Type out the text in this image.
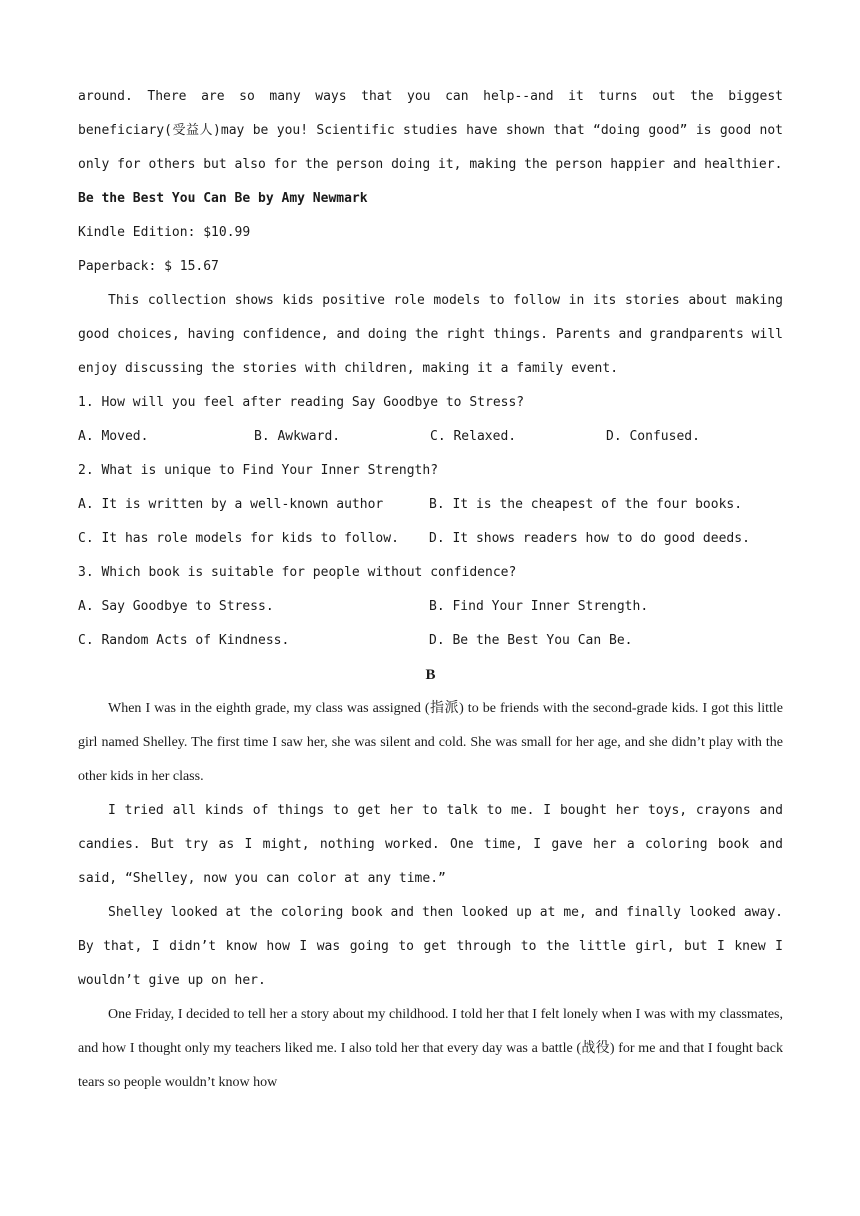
around. There are so many ways that you can help--and it turns out the biggest beneficiary(受益人)may be you! Scientific studies have shown that “doing good” is good not only for others but also for the person doing it, making the person happier and healthier.

Be the Best You Can Be by Amy Newmark
Kindle Edition: $10.99
Paperback: $ 15.67

This collection shows kids positive role models to follow in its stories about making good choices, having confidence, and doing the right things. Parents and grandparents will enjoy discussing the stories with children, making it a family event.

1. How will you feel after reading Say Goodbye to Stress?
A. Moved.	B. Awkward.	C. Relaxed.	D. Confused.
2. What is unique to Find Your Inner Strength?
A. It is written by a well-known author	B. It is the cheapest of the four books.
C. It has role models for kids to follow.	D. It shows readers how to do good deeds.
3. Which book is suitable for people without confidence?
A. Say Goodbye to Stress.	B. Find Your Inner Strength.
C. Random Acts of Kindness.	D. Be the Best You Can Be.
B

When I was in the eighth grade, my class was assigned (指派) to be friends with the second-grade kids. I got this little girl named Shelley. The first time I saw her, she was silent and cold. She was small for her age, and she didn’t play with the other kids in her class.

I tried all kinds of things to get her to talk to me. I bought her toys, crayons and candies. But try as I might, nothing worked. One time, I gave her a coloring book and said, “Shelley, now you can color at any time.”

Shelley looked at the coloring book and then looked up at me, and finally looked away. By that, I didn’t know how I was going to get through to the little girl, but I knew I wouldn’t give up on her.

One Friday, I decided to tell her a story about my childhood. I told her that I felt lonely when I was with my classmates, and how I thought only my teachers liked me. I also told her that every day was a battle (战役) for me and that I fought back tears so people wouldn’t know how
